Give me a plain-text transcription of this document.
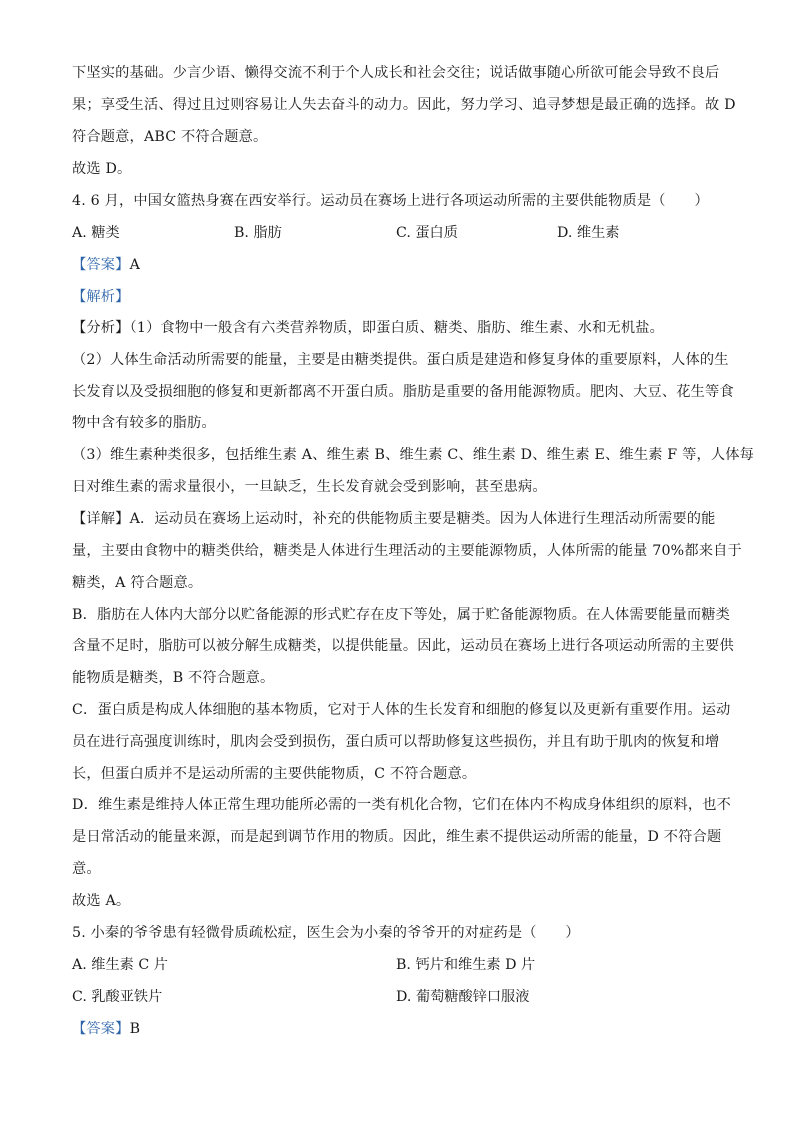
下坚实的基础。少言少语、懒得交流不利于个人成长和社会交往；说话做事随心所欲可能会导致不良后
果；享受生活、得过且过则容易让人失去奋斗的动力。因此，努力学习、追寻梦想是最正确的选择。故 D
符合题意，ABC 不符合题意。
故选 D。
4. 6 月，中国女篮热身赛在西安举行。运动员在赛场上进行各项运动所需的主要供能物质是（　　）
A. 糖类	B. 脂肪	C. 蛋白质	D. 维生素
【答案】A
【解析】
【分析】（1）食物中一般含有六类营养物质，即蛋白质、糖类、脂肪、维生素、水和无机盐。
（2）人体生命活动所需要的能量，主要是由糖类提供。蛋白质是建造和修复身体的重要原料，人体的生
长发育以及受损细胞的修复和更新都离不开蛋白质。脂肪是重要的备用能源物质。肥肉、大豆、花生等食
物中含有较多的脂肪。
（3）维生素种类很多，包括维生素 A、维生素 B、维生素 C、维生素 D、维生素 E、维生素 F 等，人体每
日对维生素的需求量很小，一旦缺乏，生长发育就会受到影响，甚至患病。
【详解】A．运动员在赛场上运动时，补充的供能物质主要是糖类。因为人体进行生理活动所需要的能
量，主要由食物中的糖类供给，糖类是人体进行生理活动的主要能源物质，人体所需的能量 70%都来自于
糖类，A 符合题意。
B．脂肪在人体内大部分以贮备能源的形式贮存在皮下等处，属于贮备能源物质。在人体需要能量而糖类
含量不足时，脂肪可以被分解生成糖类，以提供能量。因此，运动员在赛场上进行各项运动所需的主要供
能物质是糖类，B 不符合题意。
C．蛋白质是构成人体细胞的基本物质，它对于人体的生长发育和细胞的修复以及更新有重要作用。运动
员在进行高强度训练时，肌肉会受到损伤，蛋白质可以帮助修复这些损伤，并且有助于肌肉的恢复和增
长，但蛋白质并不是运动所需的主要供能物质，C 不符合题意。
D．维生素是维持人体正常生理功能所必需的一类有机化合物，它们在体内不构成身体组织的原料，也不
是日常活动的能量来源，而是起到调节作用的物质。因此，维生素不提供运动所需的能量，D 不符合题
意。
故选 A。
5. 小秦的爷爷患有轻微骨质疏松症，医生会为小秦的爷爷开的对症药是（　　）
A. 维生素 C 片	B. 钙片和维生素 D 片
C. 乳酸亚铁片	D. 葡萄糖酸锌口服液
【答案】B
